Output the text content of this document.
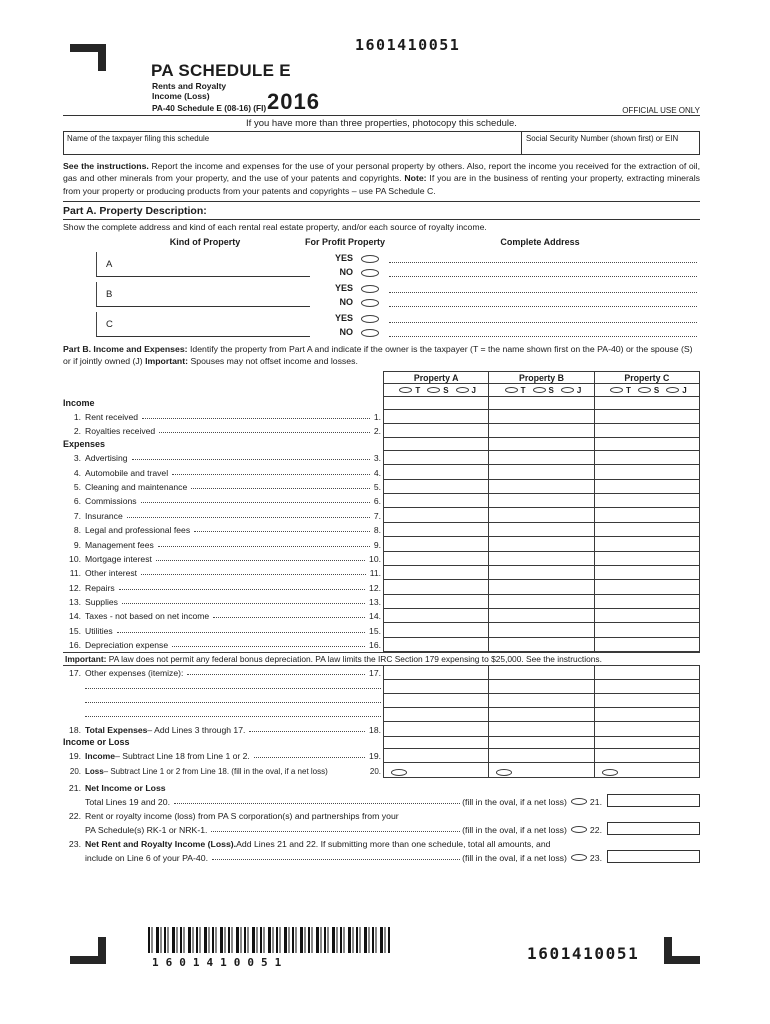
1601410051
PA SCHEDULE E
Rents and Royalty
Income (Loss)
PA-40 Schedule E (08-16) (FI) 2016	OFFICIAL USE ONLY
If you have more than three properties, photocopy this schedule.
Name of the taxpayer filing this schedule	Social Security Number (shown first) or EIN
See the instructions. Report the income and expenses for the use of your personal property by others. Also, report the income you received for the extraction of oil, gas and other minerals from your property, and the use of your patents and copyrights. Note: If you are in the business of renting your property, extracting minerals from your property or producing products from your patents and copyrights – use PA Schedule C.
Part A. Property Description:
Show the complete address and kind of each rental real estate property, and/or each source of royalty income.
Kind of Property	For Profit Property	Complete Address
A
YES
NO
B
YES
NO
C
YES
NO
Part B. Income and Expenses: Identify the property from Part A and indicate if the owner is the taxpayer (T = the name shown first on the PA-40) or the spouse (S)
or if jointly owned (J) Important: Spouses may not offset income and losses.
Property A	Property B	Property C
T	S	J	T	S	J	T	S	J
Income
1. Rent received	1.
2. Royalties received	2.
Expenses
3. Advertising	3.
4. Automobile and travel	4.
5. Cleaning and maintenance	5.
6. Commissions	6.
7. Insurance	7.
8. Legal and professional fees	8.
9. Management fees	9.
10. Mortgage interest	10.
11. Other interest	11.
12. Repairs	12.
13. Supplies	13.
14. Taxes - not based on net income	14.
15. Utilities	15.
16. Depreciation expense	16.
Important: PA law does not permit any federal bonus depreciation. PA law limits the IRC Section 179 expensing to $25,000. See the instructions.
17. Other expenses (itemize):	17.
18. Total Expenses – Add Lines 3 through 17.	18.
Income or Loss
19. Income – Subtract Line 18 from Line 1 or 2.	19.
20. Loss – Subtract Line 1 or 2 from Line 18. (fill in the oval, if a net loss)	20.
21. Net Income or Loss
Total Lines 19 and 20.	(fill in the oval, if a net loss)	21.
22. Rent or royalty income (loss) from PA S corporation(s) and partnerships from your
PA Schedule(s) RK-1 or NRK-1.	(fill in the oval, if a net loss)	22.
23. Net Rent and Royalty Income (Loss). Add Lines 21 and 22. If submitting more than one schedule, total all amounts, and
include on Line 6 of your PA-40.	(fill in the oval, if a net loss)	23.
1601410051	1601410051
